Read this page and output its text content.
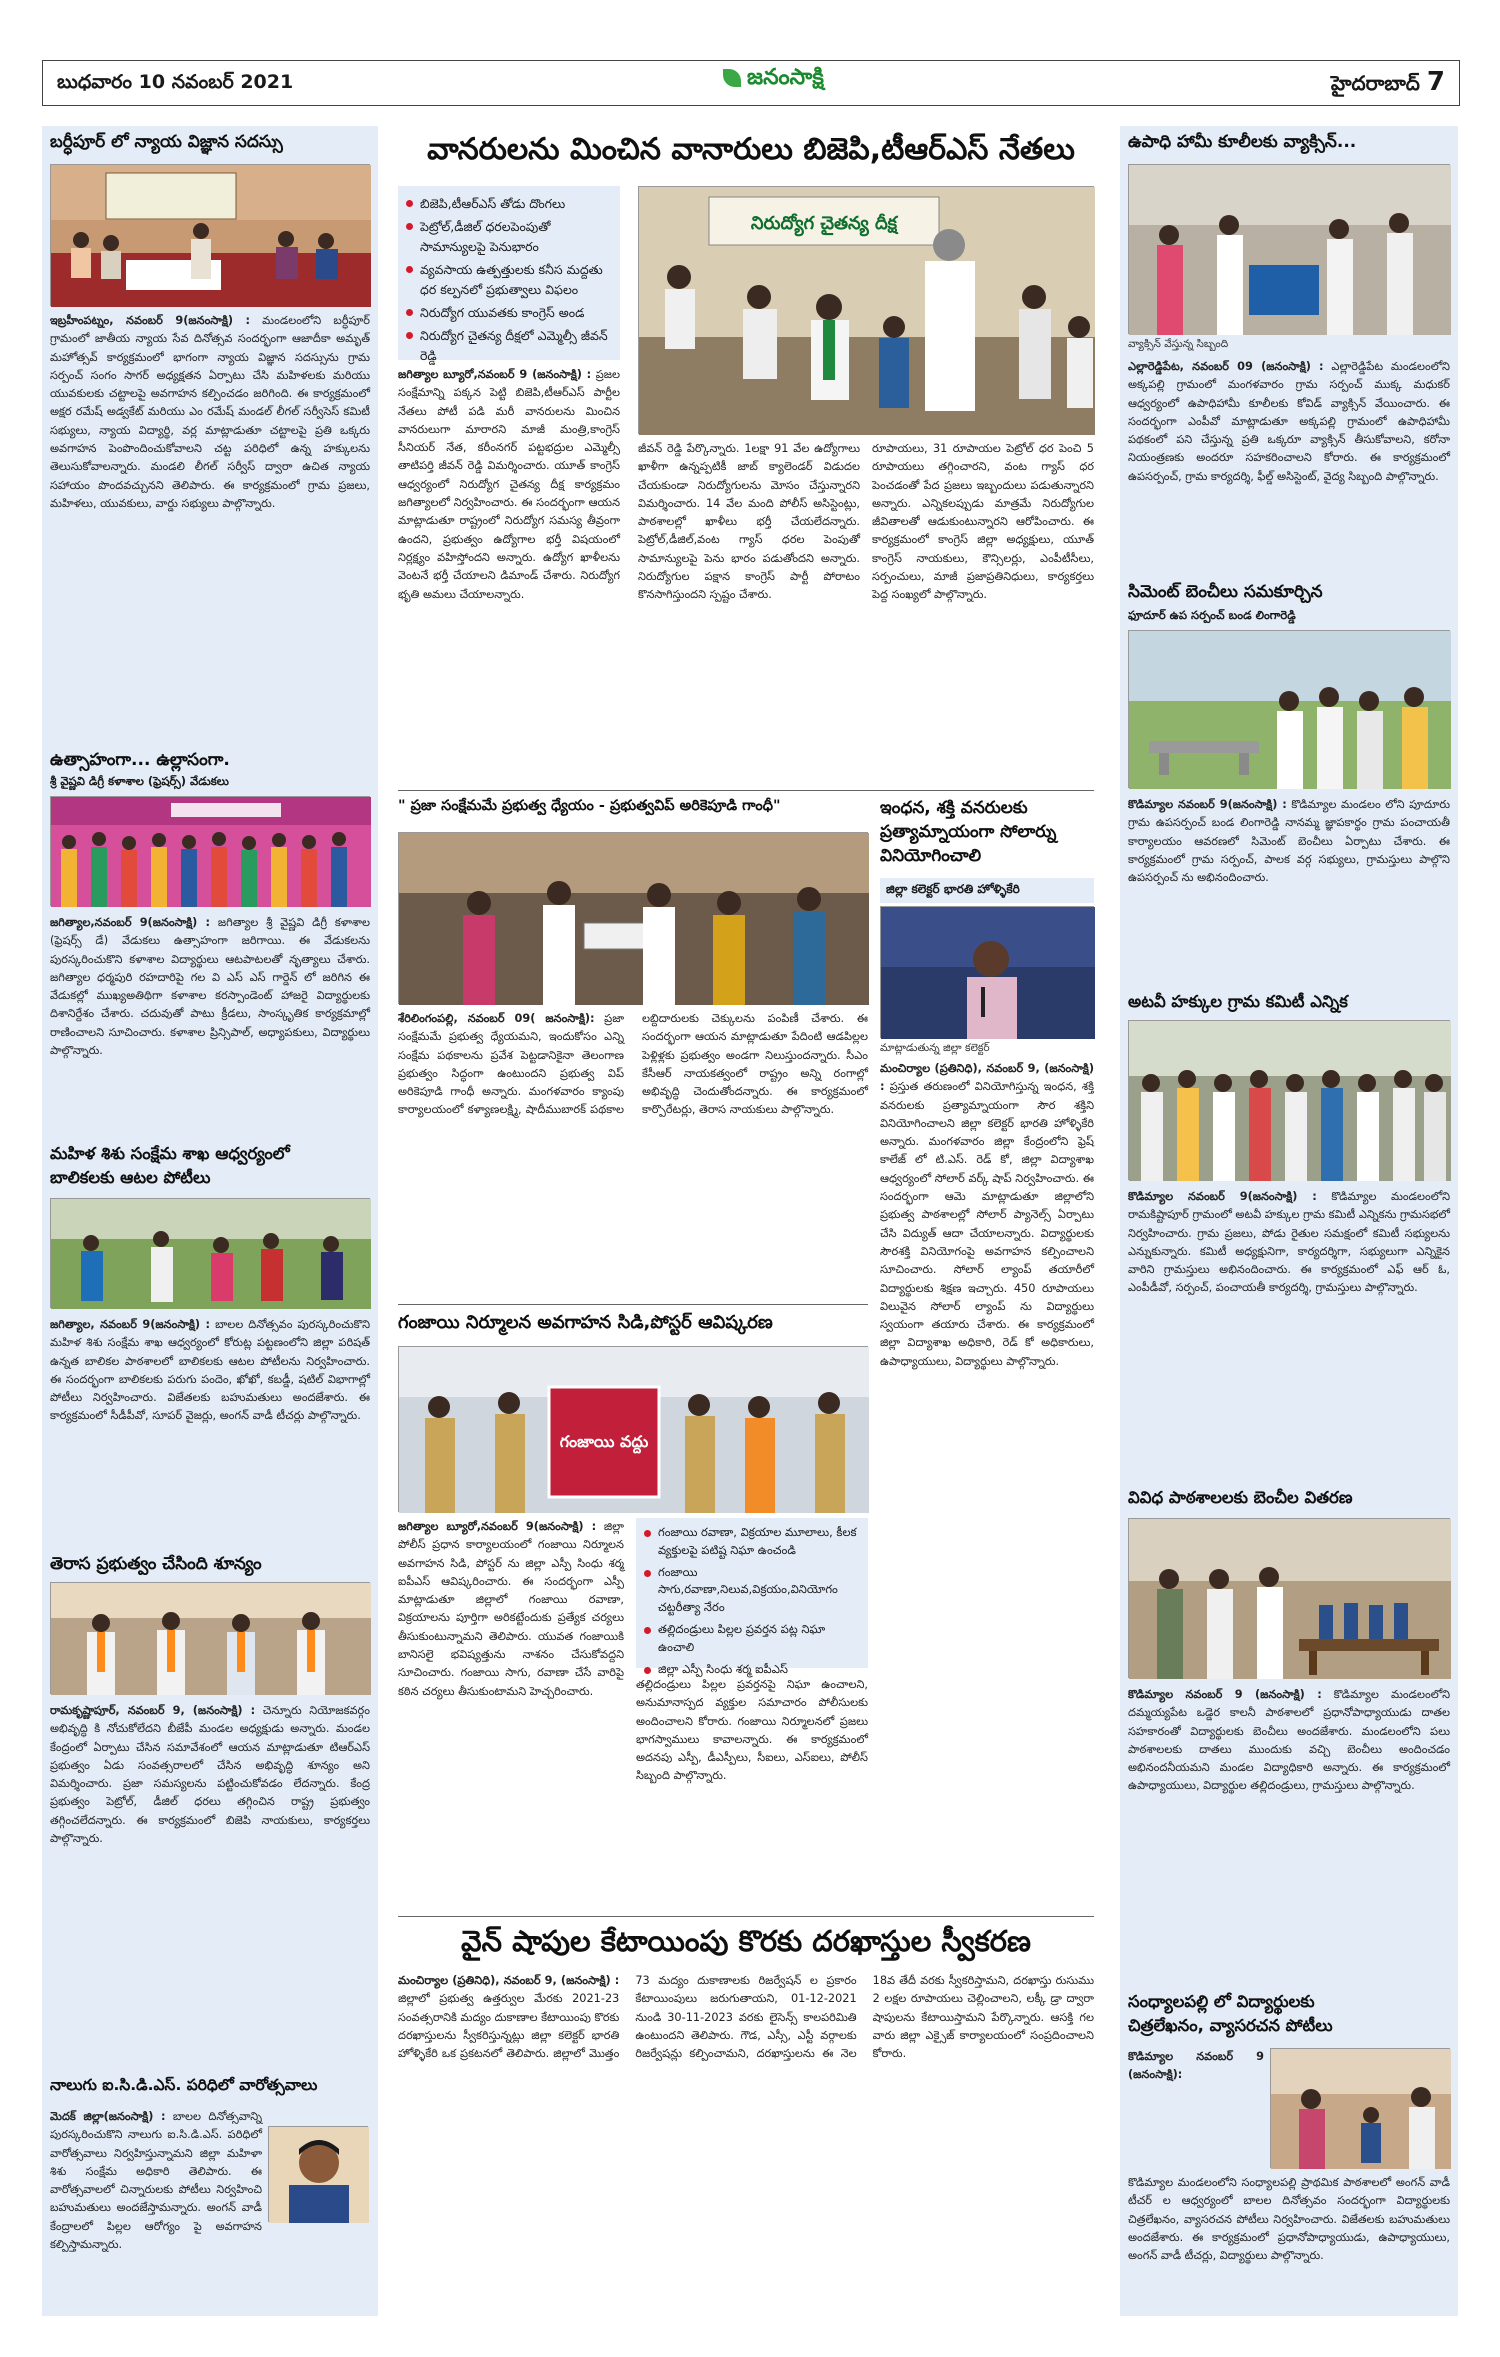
బుధవారం 10 నవంబర్ 2021	జనంసాక్షి	హైదరాబాద్ 7
బర్ధీపూర్ లో న్యాయ విజ్ఞాన సదస్సు
ఇబ్రహీంపట్నం, నవంబర్ 9(జనంసాక్షి) : మండలంలోని బర్ధీపూర్ గ్రామంలో జాతీయ న్యాయ సేవ దినోత్సవ సందర్భంగా ఆజాదీకా అమృత్ మహోత్సవ్ కార్యక్రమంలో భాగంగా న్యాయ విజ్ఞాన సదస్సును గ్రామ సర్పంచ్ సంగం సాగర్ అధ్యక్షతన ఏర్పాటు చేసి మహిళలకు మరియు యువకులకు చట్టాలపై అవగాహన కల్పించడం జరిగింది. ఈ కార్యక్రమంలో అక్షర రమేష్ అడ్వకేట్ మరియు ఎం రమేష్ మండల్ లీగల్ సర్వీసెస్ కమిటీ సభ్యులు, న్యాయ విద్యార్థి, వర్ల మాట్లాడుతూ చట్టాలపై ప్రతి ఒక్కరు అవగాహన పెంపొందించుకోవాలని చట్ట పరిధిలో ఉన్న హక్కులను తెలుసుకోవాలన్నారు. మండలి లీగల్ సర్వీస్ ద్వారా ఉచిత న్యాయ సహాయం పొందవచ్చునని తెలిపారు. ఈ కార్యక్రమంలో గ్రామ ప్రజలు, మహిళలు, యువకులు, వార్డు సభ్యులు పాల్గొన్నారు.
ఉత్సాహంగా... ఉల్లాసంగా.
శ్రీ వైష్ణవి డిగ్రీ కళాశాల (ఫ్రెషర్స్) వేడుకలు
జగిత్యాల,నవంబర్ 9(జనంసాక్షి) : జగిత్యాల శ్రీ వైష్ణవి డిగ్రీ కళాశాల (ఫ్రెషర్స్ డే) వేడుకలు ఉత్సాహంగా జరిగాయి. ఈ వేడుకలను పురస్కరించుకొని కళాశాల విద్యార్థులు ఆటపాటలతో నృత్యాలు చేశారు. జగిత్యాల ధర్మపురి రహదారిపై గల వి ఎస్ ఎస్ గార్డెన్ లో జరిగిన ఈ వేడుకల్లో ముఖ్యఅతిథిగా కళాశాల కరస్పాండెంట్ హాజరై విద్యార్థులకు దిశానిర్దేశం చేశారు. చదువుతో పాటు క్రీడలు, సాంస్కృతిక కార్యక్రమాల్లో రాణించాలని సూచించారు. కళాశాల ప్రిన్సిపాల్, అధ్యాపకులు, విద్యార్థులు పాల్గొన్నారు.
మహిళ శిశు సంక్షేమ శాఖ ఆధ్వర్యంలో
బాలికలకు ఆటల పోటీలు
జగిత్యాల, నవంబర్ 9(జనంసాక్షి) : బాలల దినోత్సవం పురస్కరించుకొని మహిళ శిశు సంక్షేమ శాఖ ఆధ్వర్యంలో కోరుట్ల పట్టణంలోని జిల్లా పరిషత్ ఉన్నత బాలికల పాఠశాలలో బాలికలకు ఆటల పోటీలను నిర్వహించారు. ఈ సందర్భంగా బాలికలకు పరుగు పందెం, ఖోఖో, కబడ్డీ, షటిల్ విభాగాల్లో పోటీలు నిర్వహించారు. విజేతలకు బహుమతులు అందజేశారు. ఈ కార్యక్రమంలో సీడీపీవో, సూపర్ వైజర్లు, అంగన్ వాడీ టీచర్లు పాల్గొన్నారు.
తెరాస ప్రభుత్వం చేసింది శూన్యం
రామకృష్ణాపూర్, నవంబర్ 9, (జనంసాక్షి) : చెన్నూరు నియోజకవర్గం అభివృద్ధి కి నోచుకోలేదని బీజేపీ మండల అధ్యక్షుడు అన్నారు. మండల కేంద్రంలో ఏర్పాటు చేసిన సమావేశంలో ఆయన మాట్లాడుతూ టిఆర్ఎస్ ప్రభుత్వం ఏడు సంవత్సరాలలో చేసిన అభివృద్ధి శూన్యం అని విమర్శించారు. ప్రజా సమస్యలను పట్టించుకోవడం లేదన్నారు. కేంద్ర ప్రభుత్వం పెట్రోల్, డీజిల్ ధరలు తగ్గించిన రాష్ట్ర ప్రభుత్వం తగ్గించలేదన్నారు. ఈ కార్యక్రమంలో బిజెపి నాయకులు, కార్యకర్తలు పాల్గొన్నారు.
నాలుగు ఐ.సి.డి.ఎస్. పరిధిలో వారోత్సవాలు
మెదక్ జిల్లా(జనంసాక్షి) : బాలల దినోత్సవాన్ని పురస్కరించుకొని నాలుగు ఐ.సి.డి.ఎస్. పరిధిలో వారోత్సవాలు నిర్వహిస్తున్నామని జిల్లా మహిళా శిశు సంక్షేమ అధికారి తెలిపారు. ఈ వారోత్సవాలలో చిన్నారులకు పోటీలు నిర్వహించి బహుమతులు అందజేస్తామన్నారు. అంగన్ వాడీ కేంద్రాలలో పిల్లల ఆరోగ్యం పై అవగాహన కల్పిస్తామన్నారు.
వానరులను మించిన వానారులు బిజెపి,టీఆర్ఎస్ నేతలు
బిజెపి,టీఆర్ఎస్ తోడు దొంగలు
పెట్రోల్,డీజిల్ ధరలపెంపుతో సామాన్యులపై పెనుభారం
వ్యవసాయ ఉత్పత్తులకు కనీస మద్దతు ధర కల్పనలో ప్రభుత్వాలు విఫలం
నిరుద్యోగ యువతకు కాంగ్రెస్ అండ
నిరుద్యోగ చైతన్య దీక్షలో ఎమ్మెల్సీ జీవన్ రెడ్డి
నిరుద్యోగ చైతన్య దీక్ష
జగిత్యాల బ్యూరో,నవంబర్ 9 (జనంసాక్షి) : ప్రజల సంక్షేమాన్ని పక్కన పెట్టి బిజెపి,టీఆర్ఎస్ పార్టీల నేతలు పోటీ పడి మరీ వానరులను మించిన వానరులుగా మారారని మాజీ మంత్రి,కాంగ్రెస్ సీనియర్ నేత, కరీంనగర్ పట్టభద్రుల ఎమ్మెల్సీ తాటిపర్తి జీవన్ రెడ్డి విమర్శించారు. యూత్ కాంగ్రెస్ ఆధ్వర్యంలో నిరుద్యోగ చైతన్య దీక్ష కార్యక్రమం జగిత్యాలలో నిర్వహించారు. ఈ సందర్భంగా ఆయన మాట్లాడుతూ రాష్ట్రంలో నిరుద్యోగ సమస్య తీవ్రంగా ఉందని, ప్రభుత్వం ఉద్యోగాల భర్తీ విషయంలో నిర్లక్ష్యం వహిస్తోందని అన్నారు. ఉద్యోగ ఖాళీలను వెంటనే భర్తీ చేయాలని డిమాండ్ చేశారు. నిరుద్యోగ భృతి అమలు చేయాలన్నారు.
జీవన్ రెడ్డి పేర్కొన్నారు. 1లక్షా 91 వేల ఉద్యోగాలు ఖాళీగా ఉన్నప్పటికీ జాబ్ క్యాలెండర్ విడుదల చేయకుండా నిరుద్యోగులను మోసం చేస్తున్నారని విమర్శించారు. 14 వేల మంది పోలీస్ అసిస్టెంట్లు, పాఠశాలల్లో ఖాళీలు భర్తీ చేయలేదన్నారు. పెట్రోల్,డీజిల్,వంట గ్యాస్ ధరల పెంపుతో సామాన్యులపై పెను భారం పడుతోందని అన్నారు. నిరుద్యోగుల పక్షాన కాంగ్రెస్ పార్టీ పోరాటం కొనసాగిస్తుందని స్పష్టం చేశారు.
రూపాయలు, 31 రూపాయల పెట్రోల్ ధర పెంచి 5 రూపాయలు తగ్గించారని, వంట గ్యాస్ ధర పెంచడంతో పేద ప్రజలు ఇబ్బందులు పడుతున్నారని అన్నారు. ఎన్నికలప్పుడు మాత్రమే నిరుద్యోగుల జీవితాలతో ఆడుకుంటున్నారని ఆరోపించారు. ఈ కార్యక్రమంలో కాంగ్రెస్ జిల్లా అధ్యక్షులు, యూత్ కాంగ్రెస్ నాయకులు, కౌన్సిలర్లు, ఎంపీటీసీలు, సర్పంచులు, మాజీ ప్రజాప్రతినిధులు, కార్యకర్తలు పెద్ద సంఖ్యలో పాల్గొన్నారు.
" ప్రజా సంక్షేమమే ప్రభుత్వ ధ్యేయం - ప్రభుత్వవిప్ అరికెపూడి గాంధీ"
శేరిలింగంపల్లి, నవంబర్ 09( జనంసాక్షి): ప్రజా సంక్షేమమే ప్రభుత్వ ధ్యేయమని, ఇందుకోసం ఎన్ని సంక్షేమ పథకాలను ప్రవేశ పెట్టడానికైనా తెలంగాణ ప్రభుత్వం సిద్ధంగా ఉంటుందని ప్రభుత్వ విప్ అరికెపూడి గాంధీ అన్నారు. మంగళవారం క్యాంపు కార్యాలయంలో కళ్యాణలక్ష్మి, షాదీముబారక్ పథకాల లబ్దిదారులకు చెక్కులను పంపిణీ చేశారు. ఈ సందర్భంగా ఆయన మాట్లాడుతూ పేదింటి ఆడపిల్లల పెళ్లిళ్లకు ప్రభుత్వం అండగా నిలుస్తుందన్నారు. సీఎం కేసీఆర్ నాయకత్వంలో రాష్ట్రం అన్ని రంగాల్లో అభివృద్ధి చెందుతోందన్నారు. ఈ కార్యక్రమంలో కార్పొరేటర్లు, తెరాస నాయకులు పాల్గొన్నారు.
ఇంధన, శక్తి వనరులకు
ప్రత్యామ్నాయంగా సోలార్ను
వినియోగించాలి
జిల్లా కలెక్టర్ భారతి హోళ్ళికేరి
మాట్లాడుతున్న జిల్లా కలెక్టర్
మంచిర్యాల (ప్రతినిధి), నవంబర్ 9, (జనంసాక్షి) : ప్రస్తుత తరుణంలో వినియోగిస్తున్న ఇంధన, శక్తి వనరులకు ప్రత్యామ్నాయంగా సౌర శక్తిని వినియోగించాలని జిల్లా కలెక్టర్ భారతి హోళ్ళికేరి అన్నారు. మంగళవారం జిల్లా కేంద్రంలోని ఫ్రెష్ కాలేజ్ లో టి.ఎస్. రెడ్ కో, జిల్లా విద్యాశాఖ ఆధ్వర్యంలో సోలార్ వర్క్ షాప్ నిర్వహించారు. ఈ సందర్భంగా ఆమె మాట్లాడుతూ జిల్లాలోని ప్రభుత్వ పాఠశాలల్లో సోలార్ ప్యానెల్స్ ఏర్పాటు చేసి విద్యుత్ ఆదా చేయాలన్నారు. విద్యార్థులకు సౌరశక్తి వినియోగంపై అవగాహన కల్పించాలని సూచించారు. సోలార్ ల్యాంప్ తయారీలో విద్యార్థులకు శిక్షణ ఇచ్చారు. 450 రూపాయలు విలువైన సోలార్ ల్యాంప్ ను విద్యార్థులు స్వయంగా తయారు చేశారు. ఈ కార్యక్రమంలో జిల్లా విద్యాశాఖ అధికారి, రెడ్ కో అధికారులు, ఉపాధ్యాయులు, విద్యార్థులు పాల్గొన్నారు.
గంజాయి నిర్మూలన అవగాహన సిడి,పోస్టర్ ఆవిష్కరణ
గంజాయి వద్దు
జగిత్యాల బ్యూరో,నవంబర్ 9(జనంసాక్షి) : జిల్లా పోలీస్ ప్రధాన కార్యాలయంలో గంజాయి నిర్మూలన అవగాహన సిడి, పోస్టర్ ను జిల్లా ఎస్పీ సింధు శర్మ ఐపీఎస్ ఆవిష్కరించారు. ఈ సందర్భంగా ఎస్పీ మాట్లాడుతూ జిల్లాలో గంజాయి రవాణా, విక్రయాలను పూర్తిగా అరికట్టేందుకు ప్రత్యేక చర్యలు తీసుకుంటున్నామని తెలిపారు. యువత గంజాయికి బానిసలై భవిష్యత్తును నాశనం చేసుకోవద్దని సూచించారు. గంజాయి సాగు, రవాణా చేసే వారిపై కఠిన చర్యలు తీసుకుంటామని హెచ్చరించారు.
గంజాయి రవాణా, విక్రయాల మూలాలు, కీలక వ్యక్తులపై పటిష్ట నిఘా ఉంచండి
గంజాయి సాగు,రవాణా,నిలువ,విక్రయం,వినియోగం చట్టరీత్యా నేరం
తల్లిదండ్రులు పిల్లల ప్రవర్తన పట్ల నిఘా ఉంచాలి
జిల్లా ఎస్పీ సింధు శర్మ ఐపీఎస్
తల్లిదండ్రులు పిల్లల ప్రవర్తనపై నిఘా ఉంచాలని, అనుమానాస్పద వ్యక్తుల సమాచారం పోలీసులకు అందించాలని కోరారు. గంజాయి నిర్మూలనలో ప్రజలు భాగస్వాములు కావాలన్నారు. ఈ కార్యక్రమంలో అదనపు ఎస్పీ, డీఎస్పీలు, సీఐలు, ఎస్ఐలు, పోలీస్ సిబ్బంది పాల్గొన్నారు.
వైన్ షాపుల కేటాయింపు కొరకు దరఖాస్తుల స్వీకరణ
మంచిర్యాల (ప్రతినిధి), నవంబర్ 9, (జనంసాక్షి) : జిల్లాలో ప్రభుత్వ ఉత్తర్వుల మేరకు 2021-23 సంవత్సరానికి మద్యం దుకాణాల కేటాయింపు కొరకు దరఖాస్తులను స్వీకరిస్తున్నట్లు జిల్లా కలెక్టర్ భారతి హోళ్ళికేరి ఒక ప్రకటనలో తెలిపారు. జిల్లాలో మొత్తం 73 మద్యం దుకాణాలకు రిజర్వేషన్ ల ప్రకారం కేటాయింపులు జరుగుతాయని, 01-12-2021 నుండి 30-11-2023 వరకు లైసెన్స్ కాలపరిమితి ఉంటుందని తెలిపారు. గౌడ, ఎస్సీ, ఎస్టీ వర్గాలకు రిజర్వేషన్లు కల్పించామని, దరఖాస్తులను ఈ నెల 18వ తేదీ వరకు స్వీకరిస్తామని, దరఖాస్తు రుసుము 2 లక్షల రూపాయలు చెల్లించాలని, లక్కీ డ్రా ద్వారా షాపులను కేటాయిస్తామని పేర్కొన్నారు. ఆసక్తి గల వారు జిల్లా ఎక్సైజ్ కార్యాలయంలో సంప్రదించాలని కోరారు.
ఉపాధి హామీ కూలీలకు వ్యాక్సిన్...
వ్యాక్సిన్ వేస్తున్న సిబ్బంది
ఎల్లారెడ్డిపేట, నవంబర్ 09 (జనంసాక్షి) : ఎల్లారెడ్డిపేట మండలంలోని అక్కపల్లి గ్రామంలో మంగళవారం గ్రామ సర్పంచ్ ముక్క మధుకర్ ఆధ్వర్యంలో ఉపాధిహామీ కూలీలకు కోవిడ్ వ్యాక్సిన్ వేయించారు. ఈ సందర్భంగా ఎంపీవో మాట్లాడుతూ అక్కపల్లి గ్రామంలో ఉపాధిహామీ పథకంలో పని చేస్తున్న ప్రతి ఒక్కరూ వ్యాక్సిన్ తీసుకోవాలని, కరోనా నియంత్రణకు అందరూ సహకరించాలని కోరారు. ఈ కార్యక్రమంలో ఉపసర్పంచ్, గ్రామ కార్యదర్శి, ఫీల్డ్ అసిస్టెంట్, వైద్య సిబ్బంది పాల్గొన్నారు.
సిమెంట్ బెంచీలు సమకూర్చిన
ఫూదూర్ ఉప సర్పంచ్ బండ లింగారెడ్డి
కొడిమ్యాల నవంబర్ 9(జనంసాక్షి) : కొడిమ్యాల మండలం లోని పూదూరు గ్రామ ఉపసర్పంచ్ బండ లింగారెడ్డి నానమ్మ జ్ఞాపకార్థం గ్రామ పంచాయతీ కార్యాలయం ఆవరణలో సిమెంట్ బెంచీలు ఏర్పాటు చేశారు. ఈ కార్యక్రమంలో గ్రామ సర్పంచ్, పాలక వర్గ సభ్యులు, గ్రామస్తులు పాల్గొని ఉపసర్పంచ్ ను అభినందించారు.
అటవీ హక్కుల గ్రామ కమిటీ ఎన్నిక
కొడిమ్యాల నవంబర్ 9(జనంసాక్షి) : కొడిమ్యాల మండలంలోని రామకిష్టాపూర్ గ్రామంలో అటవీ హక్కుల గ్రామ కమిటీ ఎన్నికను గ్రామసభలో నిర్వహించారు. గ్రామ ప్రజలు, పోడు రైతుల సమక్షంలో కమిటీ సభ్యులను ఎన్నుకున్నారు. కమిటీ అధ్యక్షునిగా, కార్యదర్శిగా, సభ్యులుగా ఎన్నికైన వారిని గ్రామస్తులు అభినందించారు. ఈ కార్యక్రమంలో ఎఫ్ ఆర్ ఓ, ఎంపీడీవో, సర్పంచ్, పంచాయతీ కార్యదర్శి, గ్రామస్తులు పాల్గొన్నారు.
వివిధ పాఠశాలలకు బెంచీల వితరణ
కొడిమ్యాల నవంబర్ 9 (జనంసాక్షి) : కొడిమ్యాల మండలంలోని దమ్మయ్యపేట ఒడ్డెర కాలనీ పాఠశాలలో ప్రధానోపాధ్యాయుడు దాతల సహకారంతో విద్యార్థులకు బెంచీలు అందజేశారు. మండలంలోని పలు పాఠశాలలకు దాతలు ముందుకు వచ్చి బెంచీలు అందించడం అభినందనీయమని మండల విద్యాధికారి అన్నారు. ఈ కార్యక్రమంలో ఉపాధ్యాయులు, విద్యార్థుల తల్లిదండ్రులు, గ్రామస్తులు పాల్గొన్నారు.
సంధ్యాలపల్లి లో విద్యార్థులకు
చిత్రలేఖనం, వ్యాసరచన పోటీలు
కొడిమ్యాల నవంబర్ 9 (జనంసాక్షి):
కొడిమ్యాల మండలంలోని సంధ్యాలపల్లి ప్రాథమిక పాఠశాలలో అంగన్ వాడీ టీచర్ ల ఆధ్వర్యంలో బాలల దినోత్సవం సందర్భంగా విద్యార్థులకు చిత్రలేఖనం, వ్యాసరచన పోటీలు నిర్వహించారు. విజేతలకు బహుమతులు అందజేశారు. ఈ కార్యక్రమంలో ప్రధానోపాధ్యాయుడు, ఉపాధ్యాయులు, అంగన్ వాడీ టీచర్లు, విద్యార్థులు పాల్గొన్నారు.
